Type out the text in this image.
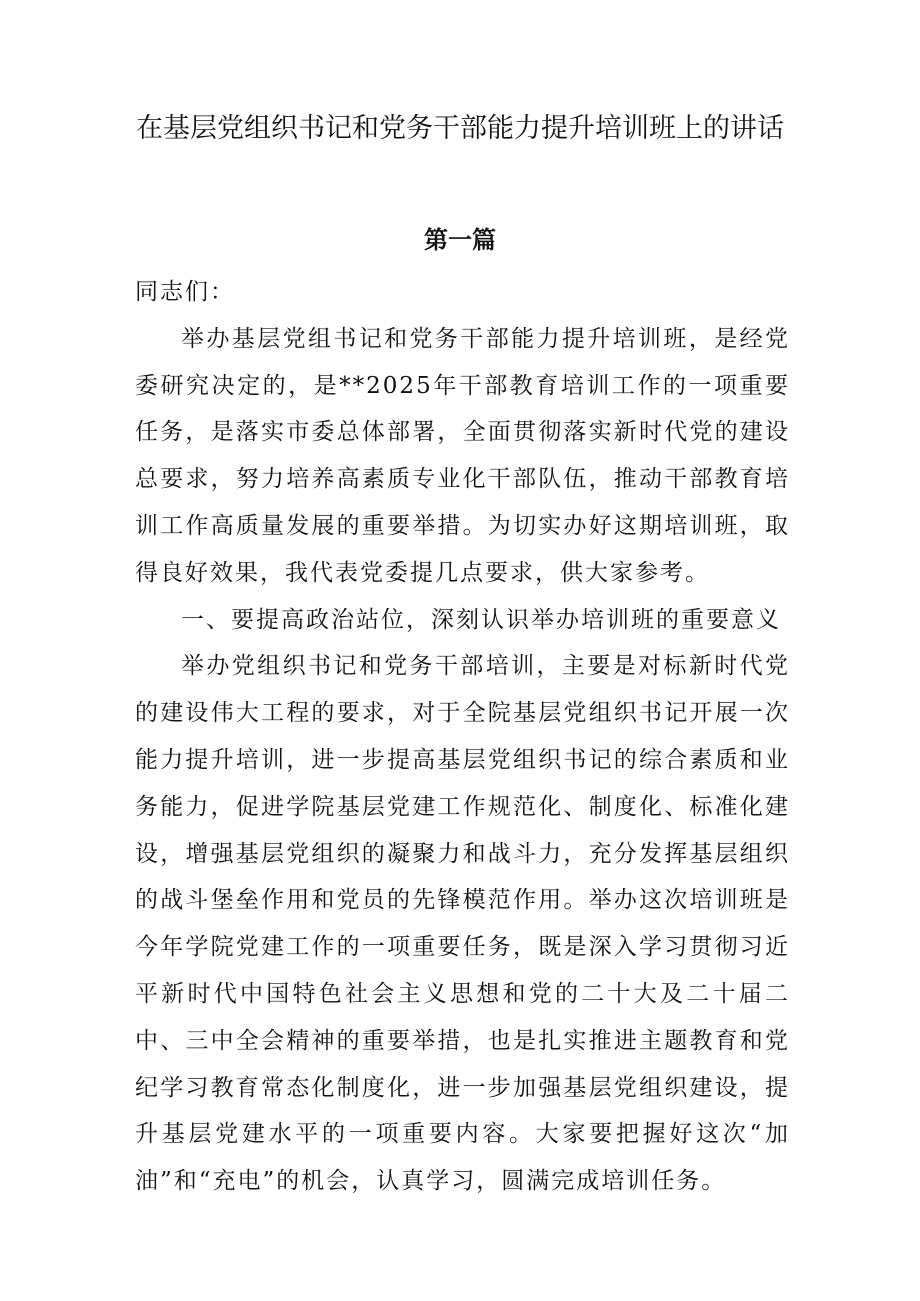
在基层党组织书记和党务干部能力提升培训班上的讲话
第一篇

同志们：

举办基层党组书记和党务干部能力提升培训班，是经党委研究决定的，是**2025年干部教育培训工作的一项重要任务，是落实市委总体部署，全面贯彻落实新时代党的建设总要求，努力培养高素质专业化干部队伍，推动干部教育培训工作高质量发展的重要举措。为切实办好这期培训班，取得良好效果，我代表党委提几点要求，供大家参考。

一、要提高政治站位，深刻认识举办培训班的重要意义

举办党组织书记和党务干部培训，主要是对标新时代党的建设伟大工程的要求，对于全院基层党组织书记开展一次能力提升培训，进一步提高基层党组织书记的综合素质和业务能力，促进学院基层党建工作规范化、制度化、标准化建设，增强基层党组织的凝聚力和战斗力，充分发挥基层组织的战斗堡垒作用和党员的先锋模范作用。举办这次培训班是今年学院党建工作的一项重要任务，既是深入学习贯彻习近平新时代中国特色社会主义思想和党的二十大及二十届二中、三中全会精神的重要举措，也是扎实推进主题教育和党纪学习教育常态化制度化，进一步加强基层党组织建设，提升基层党建水平的一项重要内容。大家要把握好这次“加油”和“充电”的机会，认真学习，圆满完成培训任务。
